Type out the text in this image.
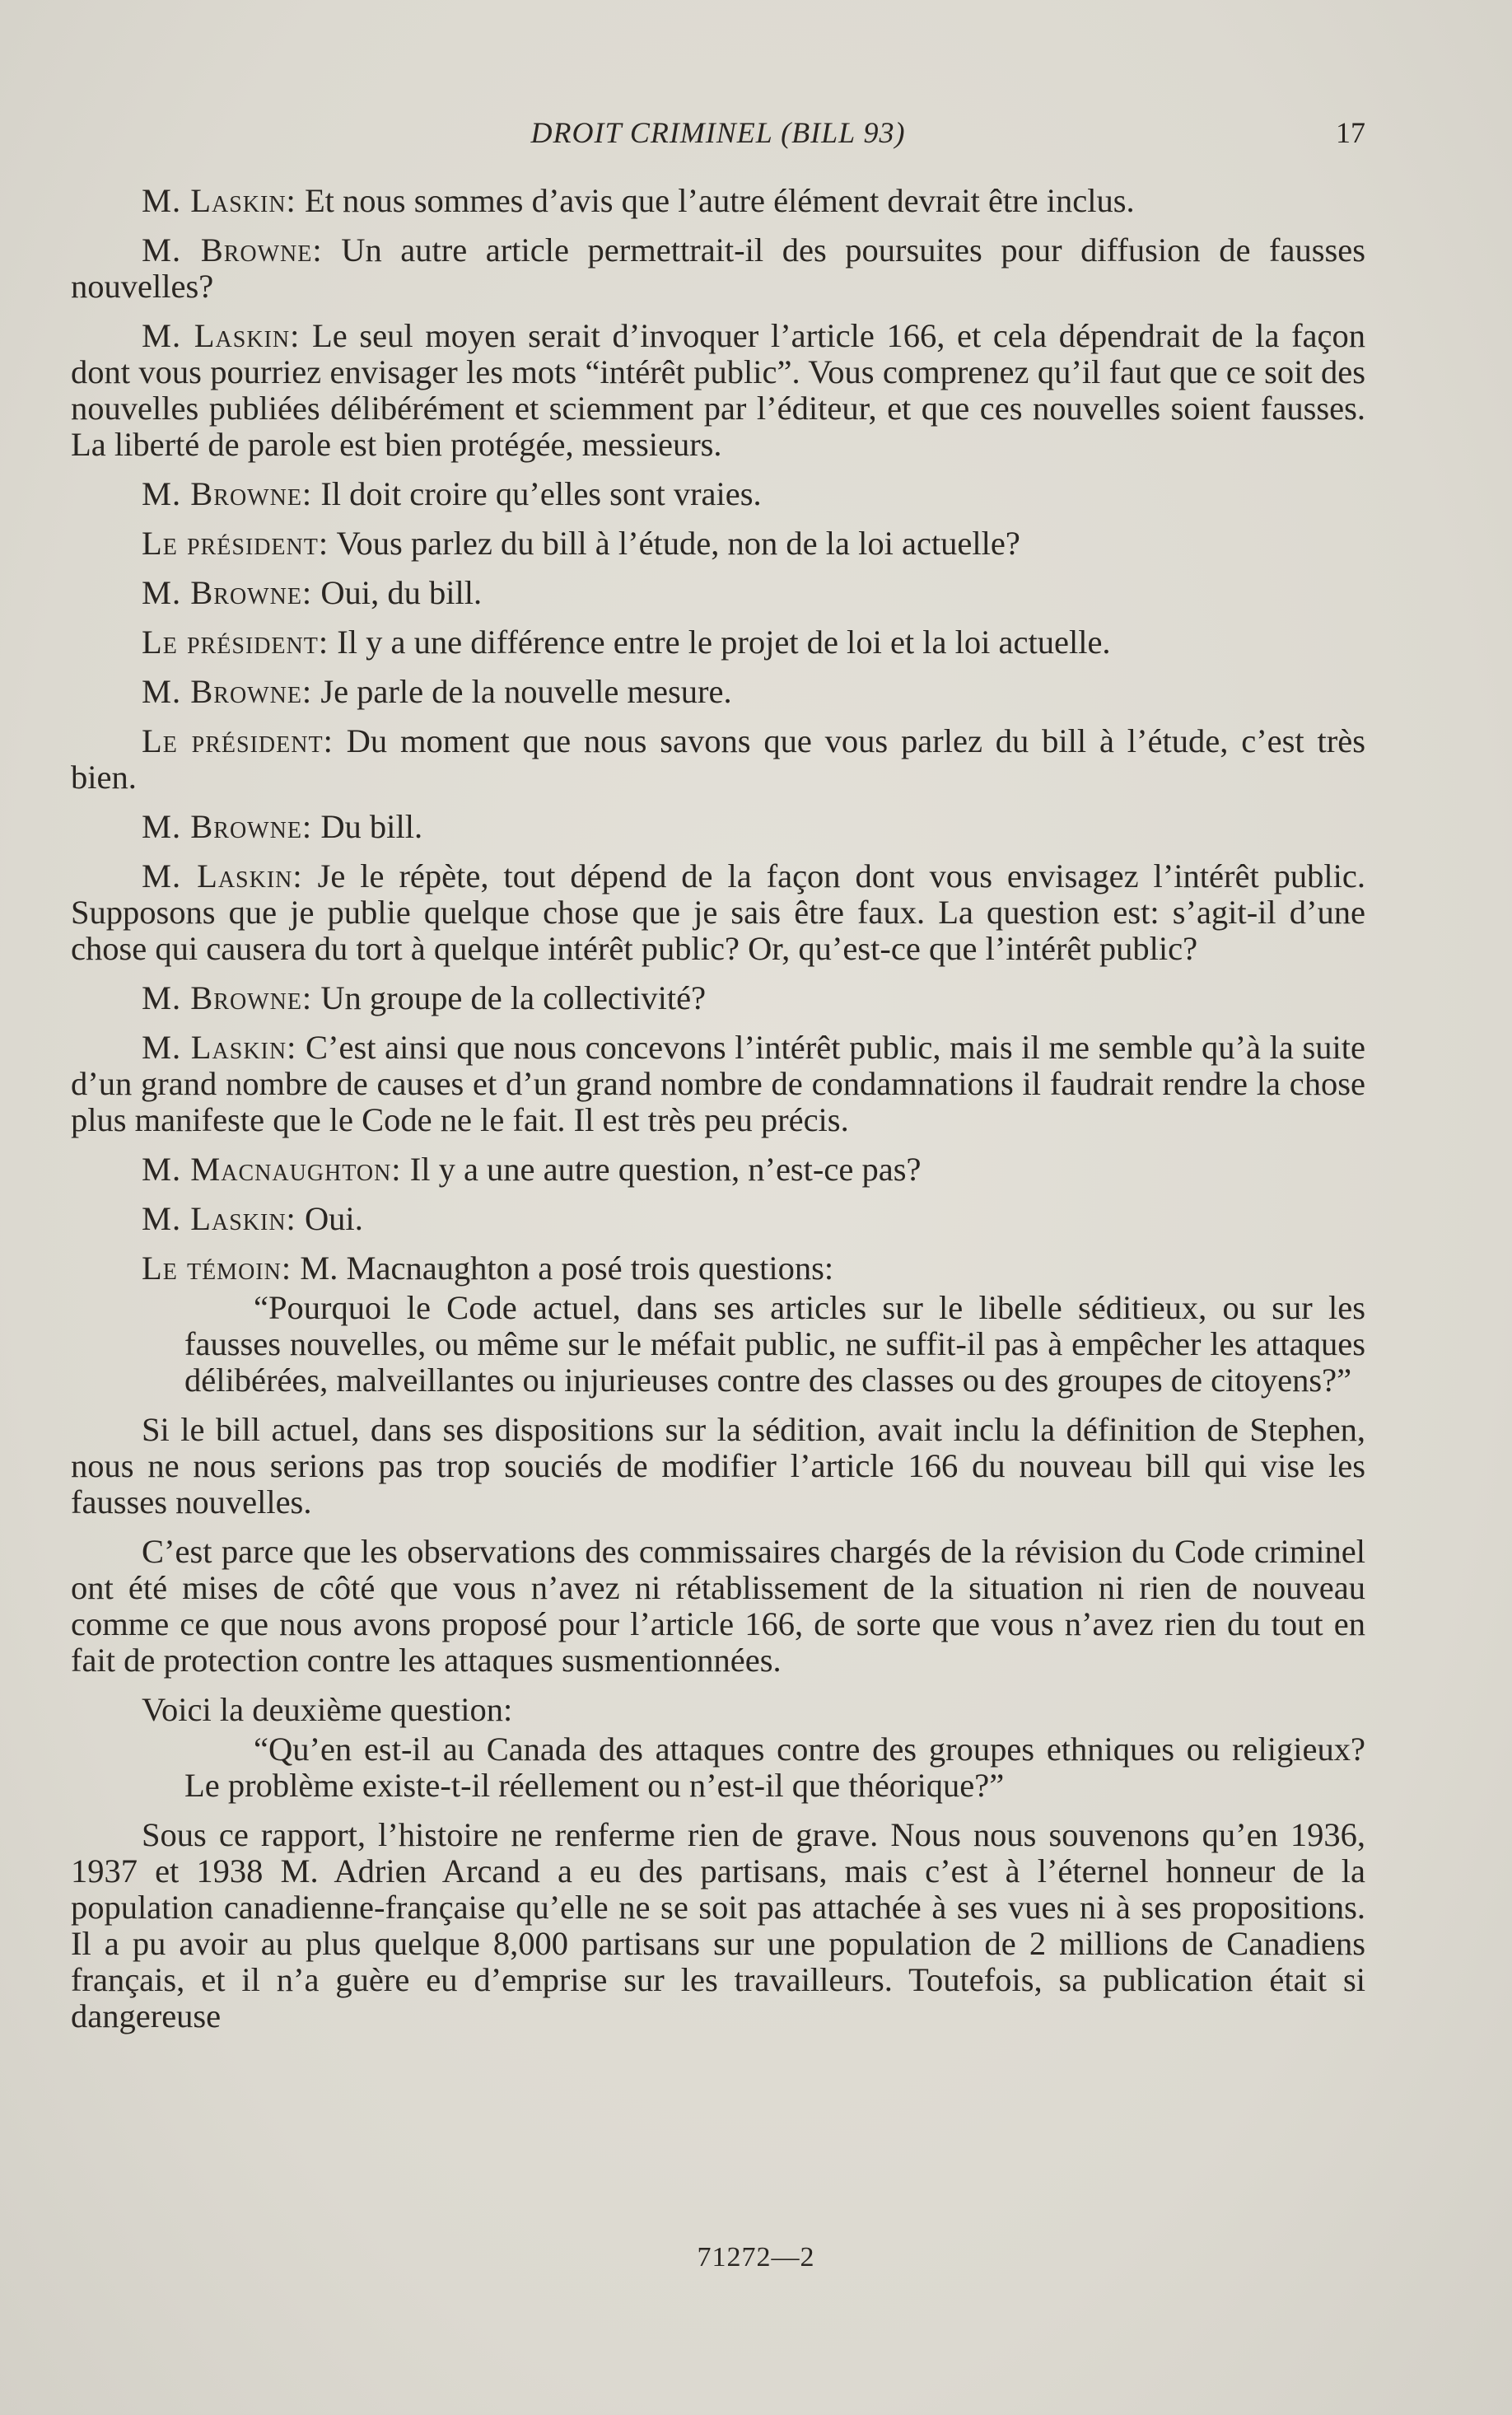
DROIT CRIMINEL (BILL 93)	17

M. Laskin: Et nous sommes d’avis que l’autre élément devrait être inclus.

M. Browne: Un autre article permettrait-il des poursuites pour diffusion de fausses nouvelles?

M. Laskin: Le seul moyen serait d’invoquer l’article 166, et cela dépendrait de la façon dont vous pourriez envisager les mots “intérêt public”. Vous comprenez qu’il faut que ce soit des nouvelles publiées délibérément et sciemment par l’éditeur, et que ces nouvelles soient fausses. La liberté de parole est bien protégée, messieurs.

M. Browne: Il doit croire qu’elles sont vraies.

Le président: Vous parlez du bill à l’étude, non de la loi actuelle?

M. Browne: Oui, du bill.

Le président: Il y a une différence entre le projet de loi et la loi actuelle.

M. Browne: Je parle de la nouvelle mesure.

Le président: Du moment que nous savons que vous parlez du bill à l’étude, c’est très bien.

M. Browne: Du bill.

M. Laskin: Je le répète, tout dépend de la façon dont vous envisagez l’intérêt public. Supposons que je publie quelque chose que je sais être faux. La question est: s’agit-il d’une chose qui causera du tort à quelque intérêt public? Or, qu’est-ce que l’intérêt public?

M. Browne: Un groupe de la collectivité?

M. Laskin: C’est ainsi que nous concevons l’intérêt public, mais il me semble qu’à la suite d’un grand nombre de causes et d’un grand nombre de condamnations il faudrait rendre la chose plus manifeste que le Code ne le fait. Il est très peu précis.

M. Macnaughton: Il y a une autre question, n’est-ce pas?

M. Laskin: Oui.

Le témoin: M. Macnaughton a posé trois questions:

“Pourquoi le Code actuel, dans ses articles sur le libelle séditieux, ou sur les fausses nouvelles, ou même sur le méfait public, ne suffit-il pas à empêcher les attaques délibérées, malveillantes ou injurieuses contre des classes ou des groupes de citoyens?”

Si le bill actuel, dans ses dispositions sur la sédition, avait inclu la définition de Stephen, nous ne nous serions pas trop souciés de modifier l’article 166 du nouveau bill qui vise les fausses nouvelles.

C’est parce que les observations des commissaires chargés de la révision du Code criminel ont été mises de côté que vous n’avez ni rétablissement de la situation ni rien de nouveau comme ce que nous avons proposé pour l’article 166, de sorte que vous n’avez rien du tout en fait de protection contre les attaques susmentionnées.

Voici la deuxième question:

“Qu’en est-il au Canada des attaques contre des groupes ethniques ou religieux? Le problème existe-t-il réellement ou n’est-il que théorique?”

Sous ce rapport, l’histoire ne renferme rien de grave. Nous nous souvenons qu’en 1936, 1937 et 1938 M. Adrien Arcand a eu des partisans, mais c’est à l’éternel honneur de la population canadienne-française qu’elle ne se soit pas attachée à ses vues ni à ses propositions. Il a pu avoir au plus quelque 8,000 partisans sur une population de 2 millions de Canadiens français, et il n’a guère eu d’emprise sur les travailleurs. Toutefois, sa publication était si dangereuse

71272—2
